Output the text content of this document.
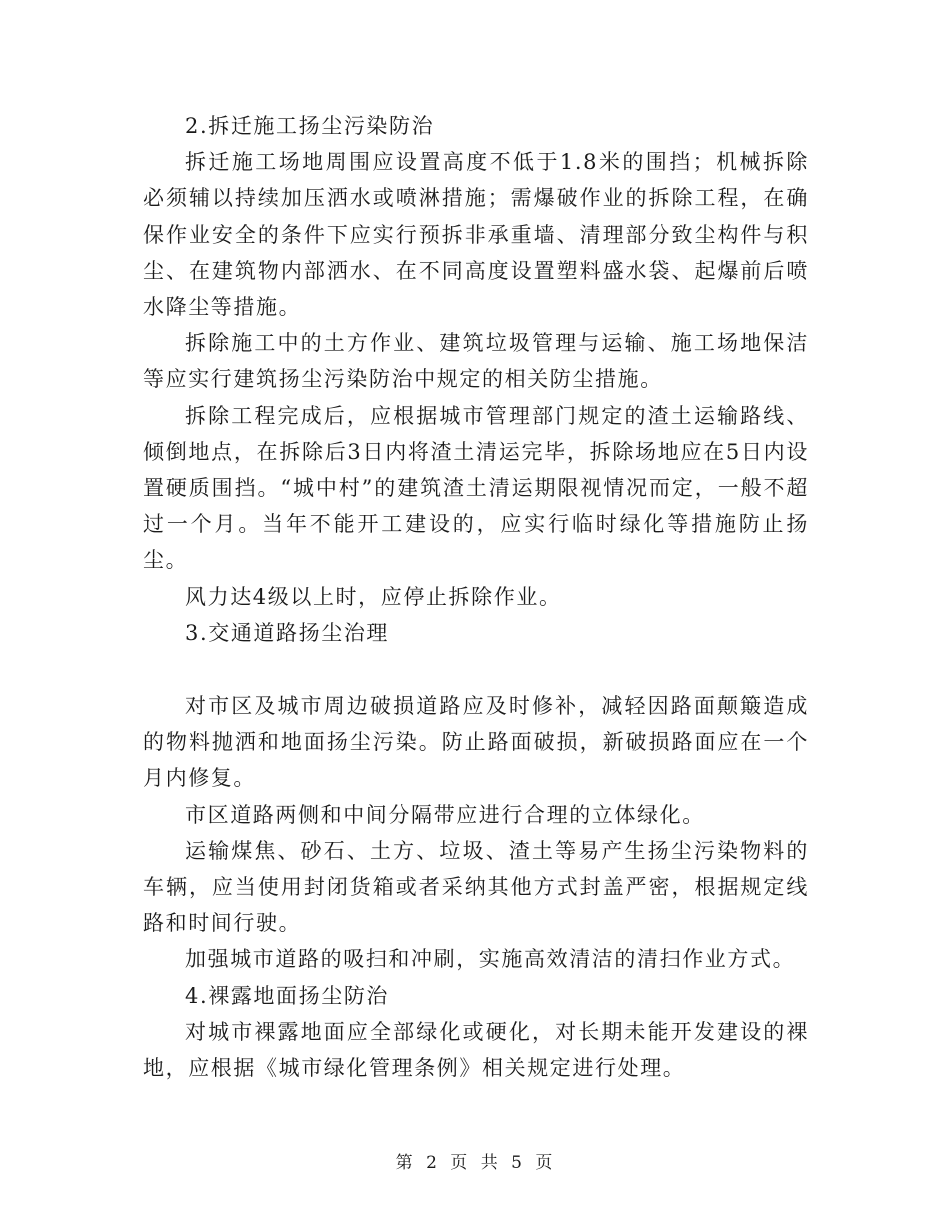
2.拆迁施工扬尘污染防治

拆迁施工场地周围应设置高度不低于1.8米的围挡；机械拆除必须辅以持续加压洒水或喷淋措施；需爆破作业的拆除工程，在确保作业安全的条件下应实行预拆非承重墙、清理部分致尘构件与积尘、在建筑物内部洒水、在不同高度设置塑料盛水袋、起爆前后喷水降尘等措施。

拆除施工中的土方作业、建筑垃圾管理与运输、施工场地保洁等应实行建筑扬尘污染防治中规定的相关防尘措施。

拆除工程完成后，应根据城市管理部门规定的渣土运输路线、倾倒地点，在拆除后3日内将渣土清运完毕，拆除场地应在5日内设置硬质围挡。“城中村”的建筑渣土清运期限视情况而定，一般不超过一个月。当年不能开工建设的，应实行临时绿化等措施防止扬尘。

风力达4级以上时，应停止拆除作业。

3.交通道路扬尘治理

对市区及城市周边破损道路应及时修补，减轻因路面颠簸造成的物料抛洒和地面扬尘污染。防止路面破损，新破损路面应在一个月内修复。

市区道路两侧和中间分隔带应进行合理的立体绿化。

运输煤焦、砂石、土方、垃圾、渣土等易产生扬尘污染物料的车辆，应当使用封闭货箱或者采纳其他方式封盖严密，根据规定线路和时间行驶。

加强城市道路的吸扫和冲刷，实施高效清洁的清扫作业方式。

4.裸露地面扬尘防治

对城市裸露地面应全部绿化或硬化，对长期未能开发建设的裸地，应根据《城市绿化管理条例》相关规定进行处理。

第 2 页 共 5 页
